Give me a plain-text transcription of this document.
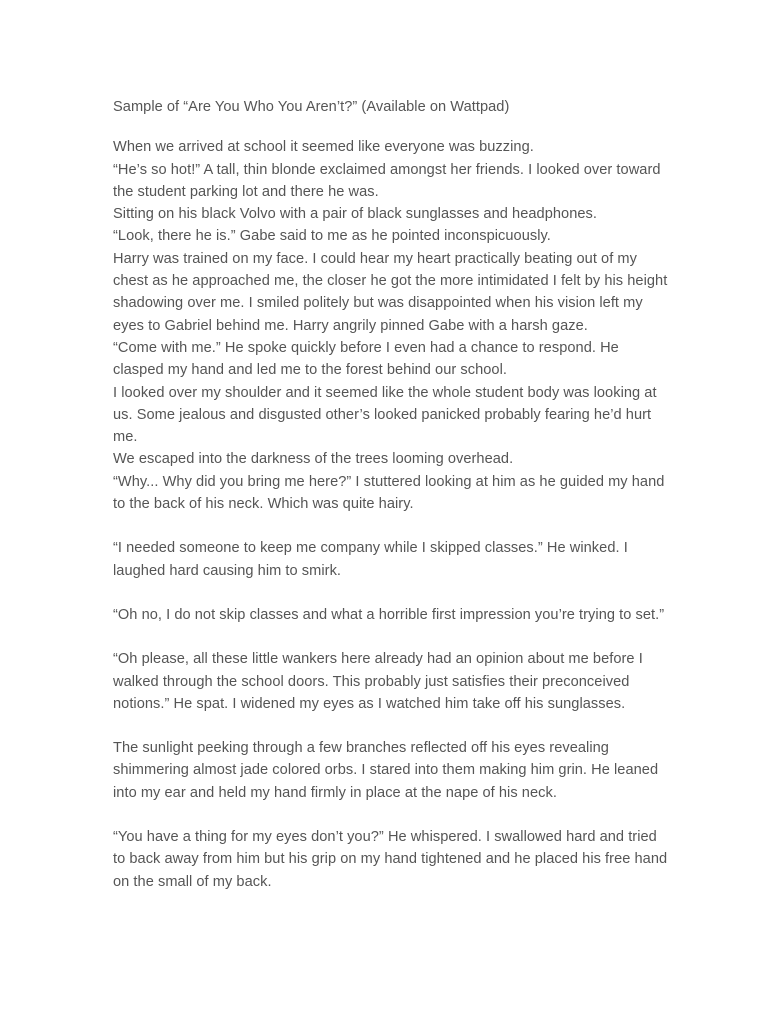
Sample of “Are You Who You Aren’t?” (Available on Wattpad)

When we arrived at school it seemed like everyone was buzzing.

“He’s so hot!” A tall, thin blonde exclaimed amongst her friends. I looked over toward the student parking lot and there he was.

Sitting on his black Volvo with a pair of black sunglasses and headphones.

“Look, there he is.” Gabe said to me as he pointed inconspicuously.

Harry was trained on my face. I could hear my heart practically beating out of my chest as he approached me, the closer he got the more intimidated I felt by his height shadowing over me. I smiled politely but was disappointed when his vision left my eyes to Gabriel behind me. Harry angrily pinned Gabe with a harsh gaze.

“Come with me.” He spoke quickly before I even had a chance to respond. He clasped my hand and led me to the forest behind our school.

I looked over my shoulder and it seemed like the whole student body was looking at us. Some jealous and disgusted other’s looked panicked probably fearing he’d hurt me.

We escaped into the darkness of the trees looming overhead.

“Why... Why did you bring me here?” I stuttered looking at him as he guided my hand to the back of his neck. Which was quite hairy.

“I needed someone to keep me company while I skipped classes.” He winked. I laughed hard causing him to smirk.

“Oh no, I do not skip classes and what a horrible first impression you’re trying to set.”

“Oh please, all these little wankers here already had an opinion about me before I walked through the school doors. This probably just satisfies their preconceived notions.” He spat. I widened my eyes as I watched him take off his sunglasses.

The sunlight peeking through a few branches reflected off his eyes revealing shimmering almost jade colored orbs. I stared into them making him grin. He leaned into my ear and held my hand firmly in place at the nape of his neck.

“You have a thing for my eyes don’t you?” He whispered. I swallowed hard and tried to back away from him but his grip on my hand tightened and he placed his free hand on the small of my back.
